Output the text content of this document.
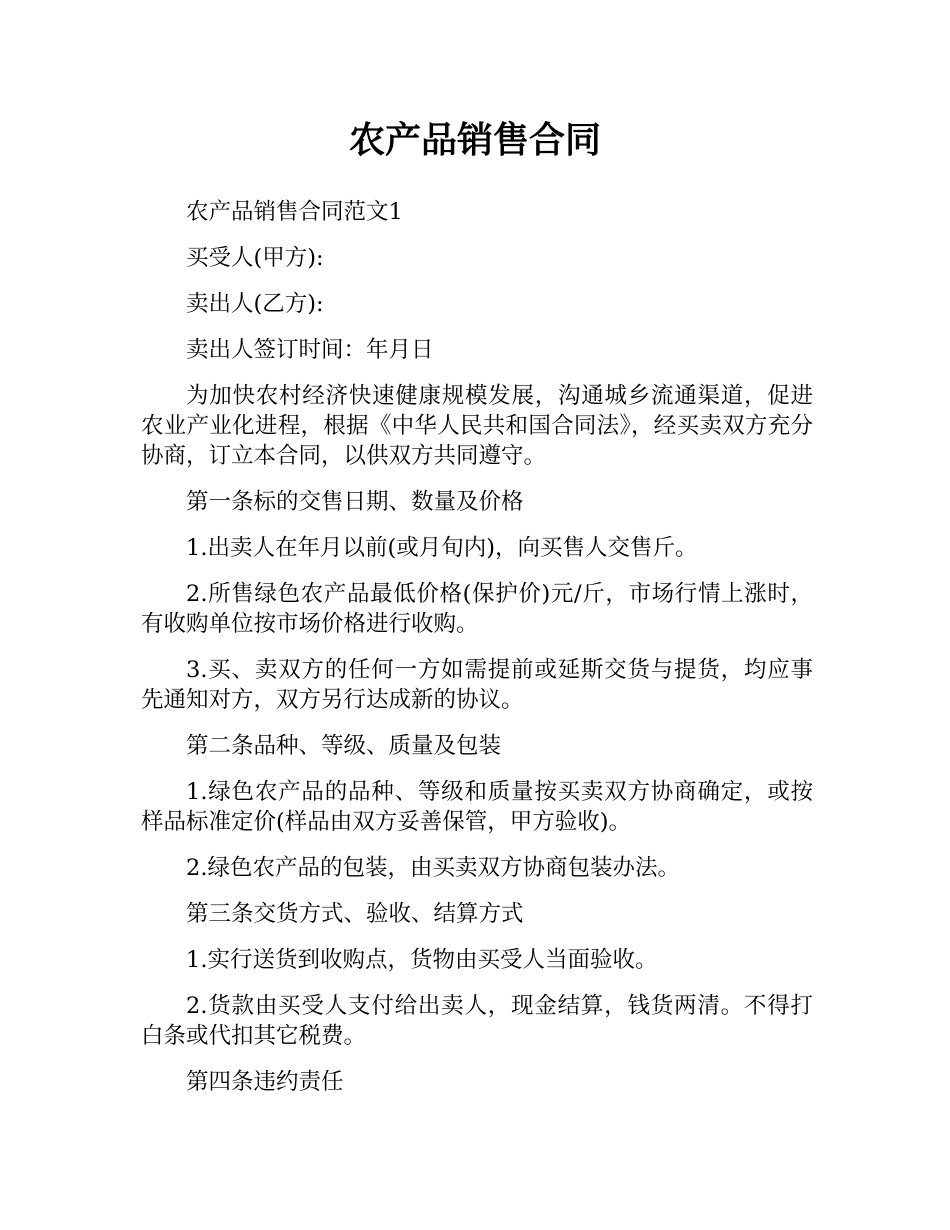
农产品销售合同

农产品销售合同范文1

买受人(甲方):

卖出人(乙方):

卖出人签订时间：年月日

为加快农村经济快速健康规模发展，沟通城乡流通渠道，促进农业产业化进程，根据《中华人民共和国合同法》，经买卖双方充分协商，订立本合同，以供双方共同遵守。

第一条标的交售日期、数量及价格

1.出卖人在年月以前(或月旬内)，向买售人交售斤。

2.所售绿色农产品最低价格(保护价)元/斤，市场行情上涨时，有收购单位按市场价格进行收购。

3.买、卖双方的任何一方如需提前或延斯交货与提货，均应事先通知对方，双方另行达成新的协议。

第二条品种、等级、质量及包装

1.绿色农产品的品种、等级和质量按买卖双方协商确定，或按样品标准定价(样品由双方妥善保管，甲方验收)。

2.绿色农产品的包装，由买卖双方协商包装办法。

第三条交货方式、验收、结算方式

1.实行送货到收购点，货物由买受人当面验收。

2.货款由买受人支付给出卖人，现金结算，钱货两清。不得打白条或代扣其它税费。

第四条违约责任
